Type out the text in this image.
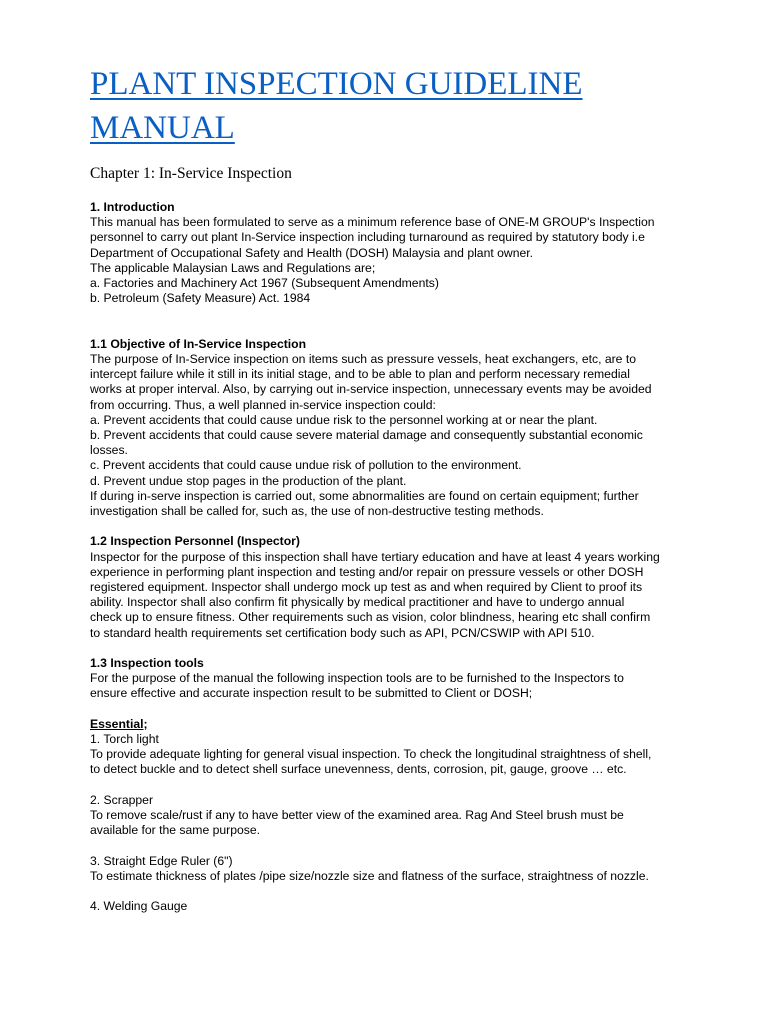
PLANT INSPECTION GUIDELINE
MANUAL
Chapter 1: In-Service Inspection

1. Introduction

This manual has been formulated to serve as a minimum reference base of ONE-M GROUP's Inspection

personnel to carry out plant In-Service inspection including turnaround as required by statutory body i.e

Department of Occupational Safety and Health (DOSH) Malaysia and plant owner.

The applicable Malaysian Laws and Regulations are;

a. Factories and Machinery Act 1967 (Subsequent Amendments)

b. Petroleum (Safety Measure) Act. 1984

1.1 Objective of In-Service Inspection

The purpose of In-Service inspection on items such as pressure vessels, heat exchangers, etc, are to

intercept failure while it still in its initial stage, and to be able to plan and perform necessary remedial

works at proper interval. Also, by carrying out in-service inspection, unnecessary events may be avoided

from occurring. Thus, a well planned in-service inspection could:

a. Prevent accidents that could cause undue risk to the personnel working at or near the plant.

b. Prevent accidents that could cause severe material damage and consequently substantial economic

losses.

c. Prevent accidents that could cause undue risk of pollution to the environment.

d. Prevent undue stop pages in the production of the plant.

If during in-serve inspection is carried out, some abnormalities are found on certain equipment; further

investigation shall be called for, such as, the use of non-destructive testing methods.

1.2 Inspection Personnel (Inspector)

Inspector for the purpose of this inspection shall have tertiary education and have at least 4 years working

experience in performing plant inspection and testing and/or repair on pressure vessels or other DOSH

registered equipment. Inspector shall undergo mock up test as and when required by Client to proof its

ability. Inspector shall also confirm fit physically by medical practitioner and have to undergo annual

check up to ensure fitness. Other requirements such as vision, color blindness, hearing etc shall confirm

to standard health requirements set certification body such as API, PCN/CSWIP with API 510.

1.3 Inspection tools

For the purpose of the manual the following inspection tools are to be furnished to the Inspectors to

ensure effective and accurate inspection result to be submitted to Client or DOSH;

Essential;

1. Torch light

To provide adequate lighting for general visual inspection. To check the longitudinal straightness of shell,

to detect buckle and to detect shell surface unevenness, dents, corrosion, pit, gauge, groove … etc.

2. Scrapper

To remove scale/rust if any to have better view of the examined area. Rag And Steel brush must be

available for the same purpose.

3. Straight Edge Ruler (6")

To estimate thickness of plates /pipe size/nozzle size and flatness of the surface, straightness of nozzle.

4. Welding Gauge
